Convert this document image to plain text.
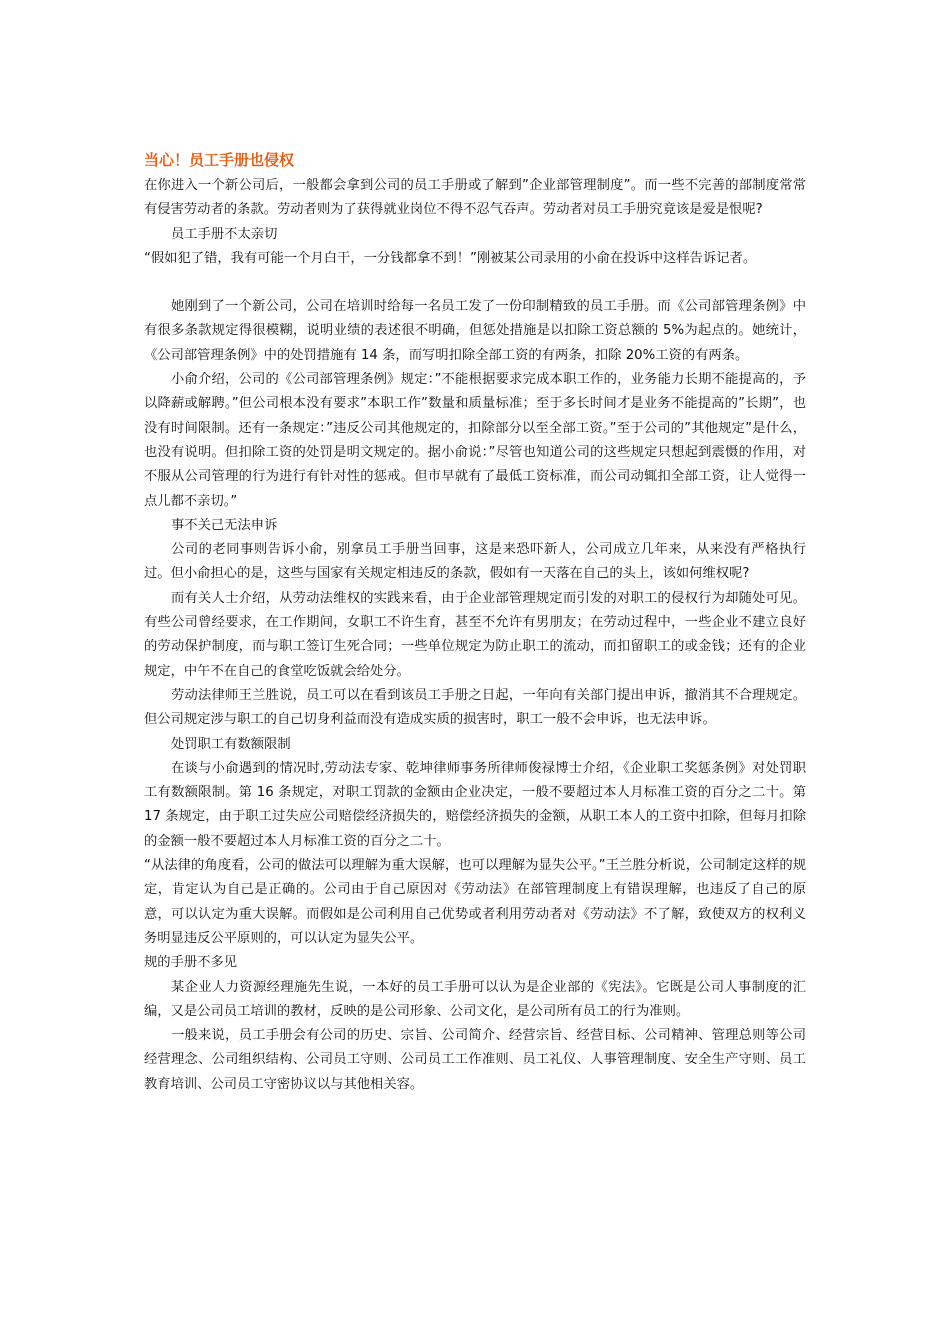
当心！员工手册也侵权

在你进入一个新公司后，一般都会拿到公司的员工手册或了解到”企业部管理制度”。而一些不完善的部制度常常有侵害劳动者的条款。劳动者则为了获得就业岗位不得不忍气吞声。劳动者对员工手册究竟该是爱是恨呢?

员工手册不太亲切

“假如犯了错，我有可能一个月白干，一分钱都拿不到！”刚被某公司录用的小俞在投诉中这样告诉记者。

她刚到了一个新公司，公司在培训时给每一名员工发了一份印制精致的员工手册。而《公司部管理条例》中有很多条款规定得很模糊，说明业绩的表述很不明确，但惩处措施是以扣除工资总额的 5%为起点的。她统计，《公司部管理条例》中的处罚措施有 14 条，而写明扣除全部工资的有两条，扣除 20%工资的有两条。

小俞介绍，公司的《公司部管理条例》规定：”不能根据要求完成本职工作的，业务能力长期不能提高的，予以降薪或解聘。”但公司根本没有要求”本职工作”数量和质量标准；至于多长时间才是业务不能提高的”长期”，也没有时间限制。还有一条规定：”违反公司其他规定的，扣除部分以至全部工资。”至于公司的”其他规定”是什么，也没有说明。但扣除工资的处罚是明文规定的。据小俞说：”尽管也知道公司的这些规定只想起到震慑的作用，对不服从公司管理的行为进行有针对性的惩戒。但市早就有了最低工资标准，而公司动辄扣全部工资，让人觉得一点儿都不亲切。”

事不关己无法申诉

公司的老同事则告诉小俞，别拿员工手册当回事，这是来恐吓新人，公司成立几年来，从来没有严格执行过。但小俞担心的是，这些与国家有关规定相违反的条款，假如有一天落在自己的头上，该如何维权呢?

而有关人士介绍，从劳动法维权的实践来看，由于企业部管理规定而引发的对职工的侵权行为却随处可见。有些公司曾经要求，在工作期间，女职工不许生育，甚至不允许有男朋友；在劳动过程中，一些企业不建立良好的劳动保护制度，而与职工签订生死合同；一些单位规定为防止职工的流动，而扣留职工的或金钱；还有的企业规定，中午不在自己的食堂吃饭就会给处分。

劳动法律师王兰胜说，员工可以在看到该员工手册之日起，一年向有关部门提出申诉，撤消其不合理规定。但公司规定涉与职工的自己切身利益而没有造成实质的损害时，职工一般不会申诉，也无法申诉。

处罚职工有数额限制

在谈与小俞遇到的情况时,劳动法专家、乾坤律师事务所律师俊禄博士介绍，《企业职工奖惩条例》对处罚职工有数额限制。第 16 条规定，对职工罚款的金额由企业决定，一般不要超过本人月标准工资的百分之二十。第 17 条规定，由于职工过失应公司赔偿经济损失的，赔偿经济损失的金额，从职工本人的工资中扣除，但每月扣除的金额一般不要超过本人月标准工资的百分之二十。

“从法律的角度看，公司的做法可以理解为重大误解，也可以理解为显失公平。”王兰胜分析说，公司制定这样的规定，肯定认为自己是正确的。公司由于自己原因对《劳动法》在部管理制度上有错误理解，也违反了自己的原意，可以认定为重大误解。而假如是公司利用自己优势或者利用劳动者对《劳动法》不了解，致使双方的权利义务明显违反公平原则的，可以认定为显失公平。

规的手册不多见

某企业人力资源经理施先生说，一本好的员工手册可以认为是企业部的《宪法》。它既是公司人事制度的汇编，又是公司员工培训的教材，反映的是公司形象、公司文化，是公司所有员工的行为准则。

一般来说，员工手册会有公司的历史、宗旨、公司简介、经营宗旨、经营目标、公司精神、管理总则等公司经营理念、公司组织结构、公司员工守则、公司员工工作准则、员工礼仪、人事管理制度、安全生产守则、员工教育培训、公司员工守密协议以与其他相关容。
